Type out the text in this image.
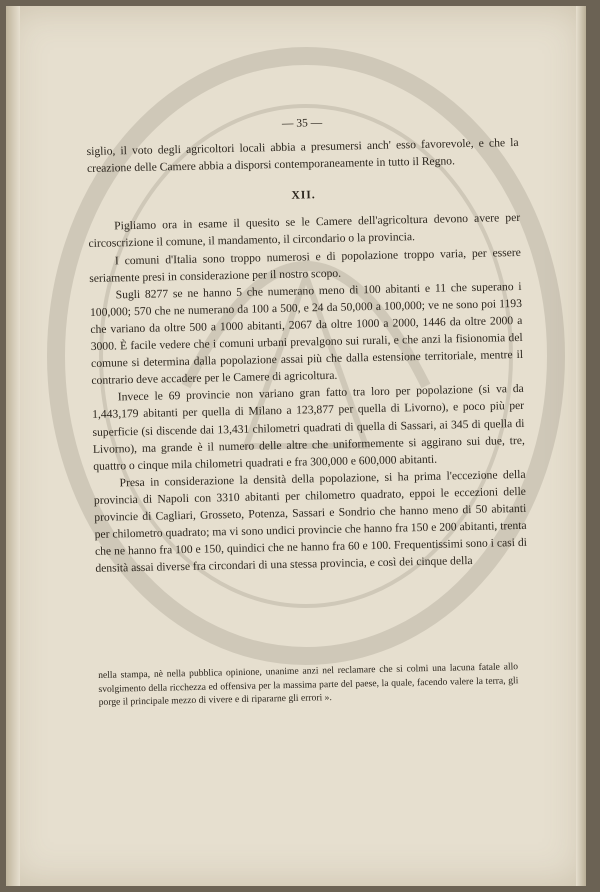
— 35 —

siglio, il voto degli agricoltori locali abbia a presumersi anch' esso favorevole, e che la creazione delle Camere abbia a disporsi contemporaneamente in tutto il Regno.

XII.

Pigliamo ora in esame il quesito se le Camere dell'agricoltura devono avere per circoscrizione il comune, il mandamento, il circondario o la provincia.

I comuni d'Italia sono troppo numerosi e di popolazione troppo varia, per essere seriamente presi in considerazione per il nostro scopo.

Sugli 8277 se ne hanno 5 che numerano meno di 100 abitanti e 11 che superano i 100,000; 570 che ne numerano da 100 a 500, e 24 da 50,000 a 100,000; ve ne sono poi 1193 che variano da oltre 500 a 1000 abitanti, 2067 da oltre 1000 a 2000, 1446 da oltre 2000 a 3000. È facile vedere che i comuni urbani prevalgono sui rurali, e che anzi la fisionomia del comune si determina dalla popolazione assai più che dalla estensione territoriale, mentre il contrario deve accadere per le Camere di agricoltura.

Invece le 69 provincie non variano gran fatto tra loro per popolazione (si va da 1,443,179 abitanti per quella di Milano a 123,877 per quella di Livorno), e poco più per superficie (si discende dai 13,431 chilometri quadrati di quella di Sassari, ai 345 di quella di Livorno), ma grande è il numero delle altre che uniformemente si aggirano sui due, tre, quattro o cinque mila chilometri quadrati e fra 300,000 e 600,000 abitanti.

Presa in considerazione la densità della popolazione, si ha prima l'eccezione della provincia di Napoli con 3310 abitanti per chilometro quadrato, eppoi le eccezioni delle provincie di Cagliari, Grosseto, Potenza, Sassari e Sondrio che hanno meno di 50 abitanti per chilometro quadrato; ma vi sono undici provincie che hanno fra 150 e 200 abitanti, trenta che ne hanno fra 100 e 150, quindici che ne hanno fra 60 e 100. Frequentissimi sono i casi di densità assai diverse fra circondari di una stessa provincia, e così dei cinque della

nella stampa, nè nella pubblica opinione, unanime anzi nel reclamare che si colmi una lacuna fatale allo svolgimento della ricchezza ed offensiva per la massima parte del paese, la quale, facendo valere la terra, gli porge il principale mezzo di vivere e di ripararne gli errori ».
